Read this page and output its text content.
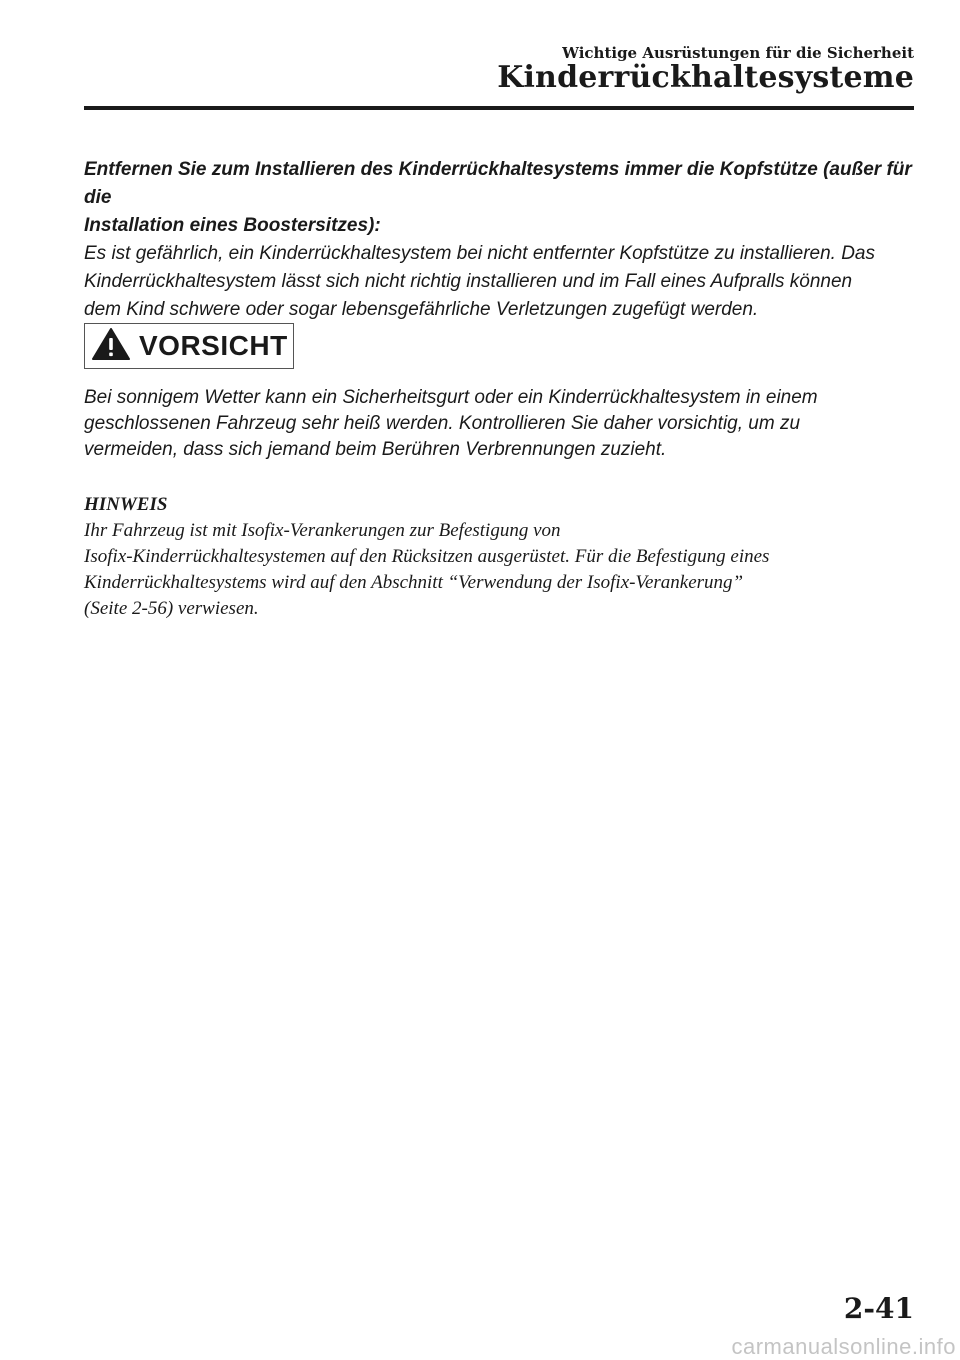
Wichtige Ausrüstungen für die Sicherheit
Kinderrückhaltesysteme

Entfernen Sie zum Installieren des Kinderrückhaltesystems immer die Kopfstütze (außer für die
Installation eines Boostersitzes):

Es ist gefährlich, ein Kinderrückhaltesystem bei nicht entfernter Kopfstütze zu installieren. Das
Kinderrückhaltesystem lässt sich nicht richtig installieren und im Fall eines Aufpralls können
dem Kind schwere oder sogar lebensgefährliche Verletzungen zugefügt werden.

VORSICHT

Bei sonnigem Wetter kann ein Sicherheitsgurt oder ein Kinderrückhaltesystem in einem
geschlossenen Fahrzeug sehr heiß werden. Kontrollieren Sie daher vorsichtig, um zu
vermeiden, dass sich jemand beim Berühren Verbrennungen zuzieht.

HINWEIS

Ihr Fahrzeug ist mit Isofix-Verankerungen zur Befestigung von
Isofix-Kinderrückhaltesystemen auf den Rücksitzen ausgerüstet. Für die Befestigung eines
Kinderrückhaltesystems wird auf den Abschnitt “Verwendung der Isofix-Verankerung”
(Seite 2-56) verwiesen.

2-41
carmanualsonline.info
